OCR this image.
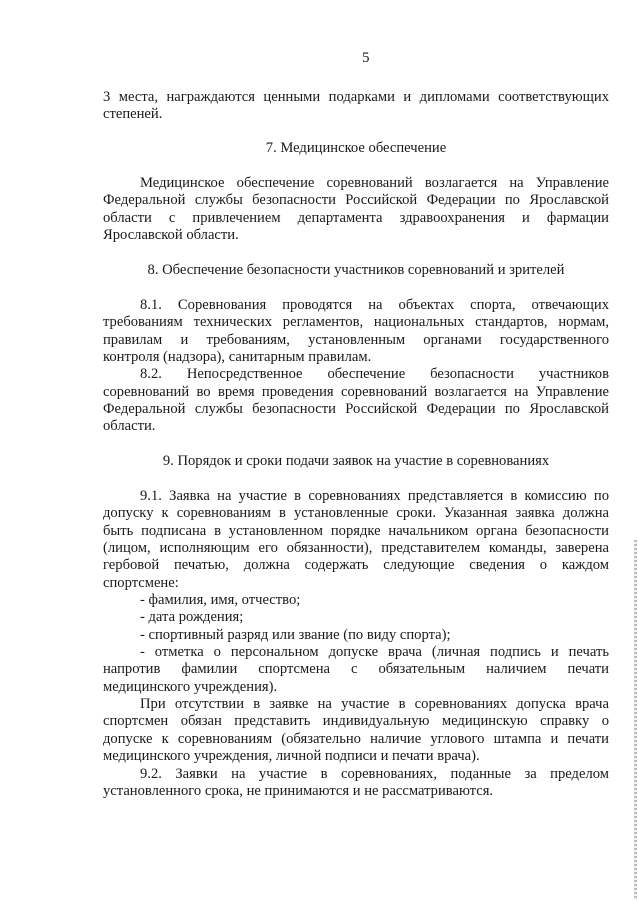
5
3 места, награждаются ценными подарками и дипломами соответствующих
степеней.
7. Медицинское обеспечение
Медицинское обеспечение соревнований возлагается на Управление
Федеральной службы безопасности Российской Федерации по Ярославской
области с привлечением департамента здравоохранения и фармации
Ярославской области.
8. Обеспечение безопасности участников соревнований и зрителей
8.1. Соревнования проводятся на объектах спорта, отвечающих
требованиям технических регламентов, национальных стандартов, нормам,
правилам и требованиям, установленным органами государственного
контроля (надзора), санитарным правилам.
8.2. Непосредственное обеспечение безопасности участников
соревнований во время проведения соревнований возлагается на Управление
Федеральной службы безопасности Российской Федерации по Ярославской
области.
9. Порядок и сроки подачи заявок на участие в соревнованиях
9.1. Заявка на участие в соревнованиях представляется в комиссию по
допуску к соревнованиям в установленные сроки. Указанная заявка должна
быть подписана в установленном порядке начальником органа безопасности
(лицом, исполняющим его обязанности), представителем команды, заверена
гербовой печатью, должна содержать следующие сведения о каждом
спортсмене:
- фамилия, имя, отчество;
- дата рождения;
- спортивный разряд или звание (по виду спорта);
- отметка о персональном допуске врача (личная подпись и печать
напротив фамилии спортсмена с обязательным наличием печати
медицинского учреждения).
При отсутствии в заявке на участие в соревнованиях допуска врача
спортсмен обязан представить индивидуальную медицинскую справку о
допуске к соревнованиям (обязательно наличие углового штампа и печати
медицинского учреждения, личной подписи и печати врача).
9.2. Заявки на участие в соревнованиях, поданные за пределом
установленного срока, не принимаются и не рассматриваются.
